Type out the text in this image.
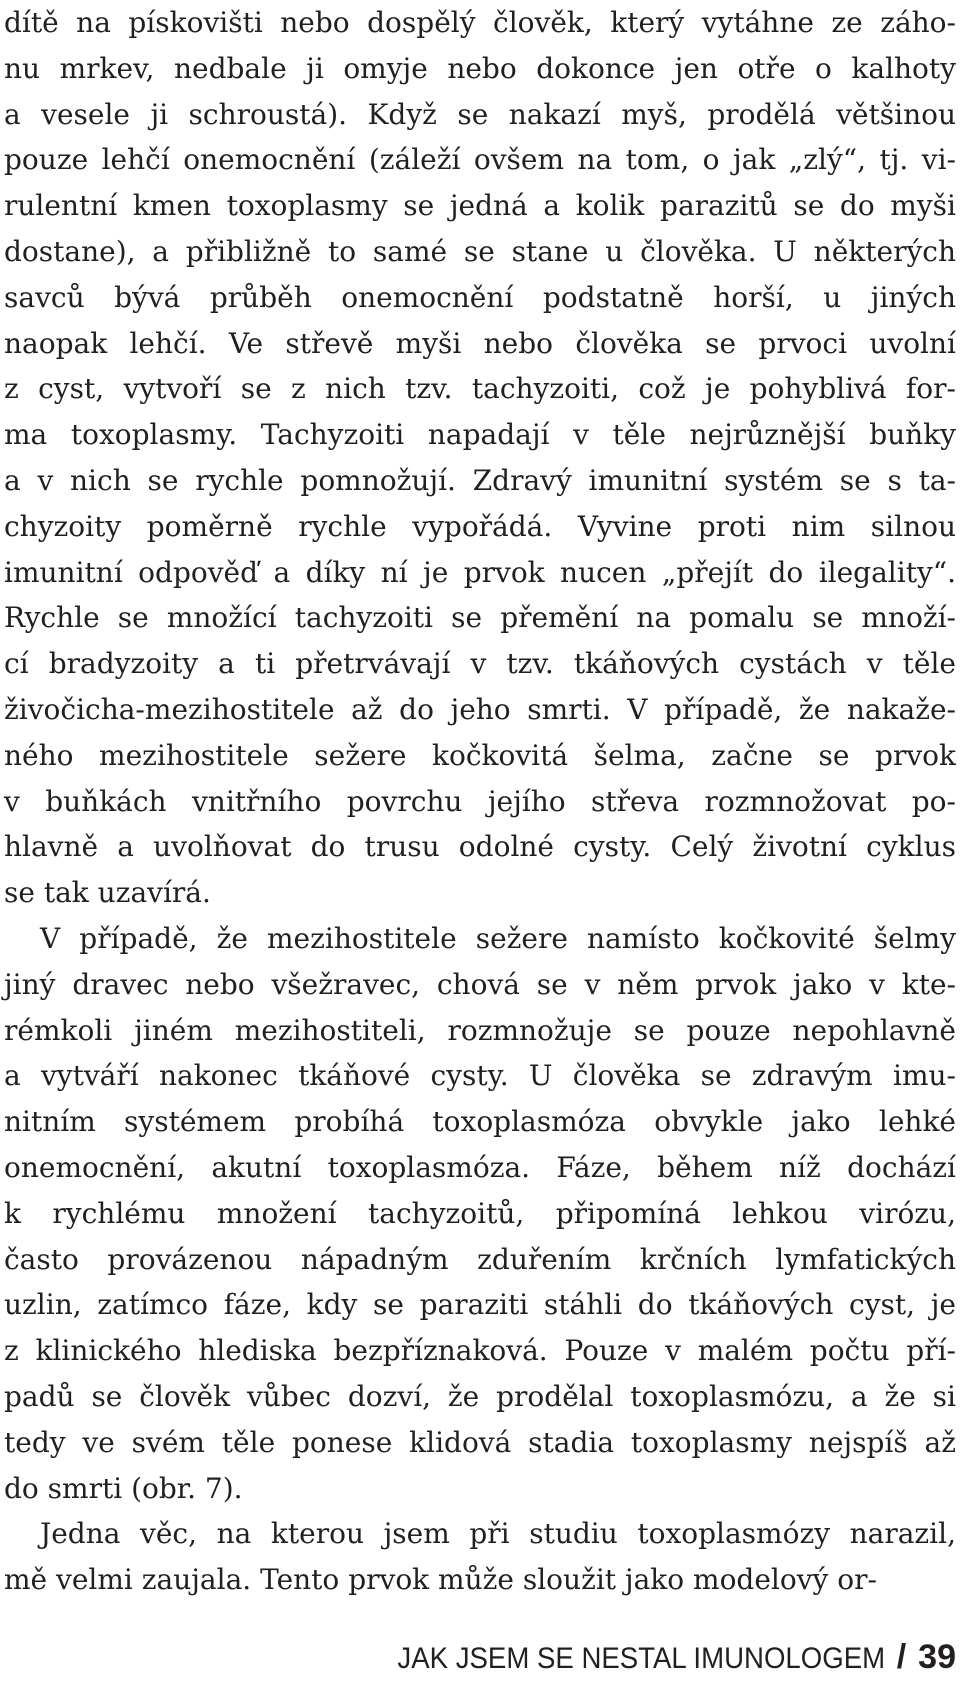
dítě na pískovišti nebo dospělý člověk, který vytáhne ze záho-
nu mrkev, nedbale ji omyje nebo dokonce jen otře o kalhoty
a vesele ji schroustá). Když se nakazí myš, prodělá většinou
pouze lehčí onemocnění (záleží ovšem na tom, o jak „zlý“, tj. vi-
rulentní kmen toxoplasmy se jedná a kolik parazitů se do myši
dostane), a přibližně to samé se stane u člověka. U některých
savců bývá průběh onemocnění podstatně horší, u jiných
naopak lehčí. Ve střevě myši nebo člověka se prvoci uvolní
z cyst, vytvoří se z nich tzv. tachyzoiti, což je pohyblivá for-
ma toxoplasmy. Tachyzoiti napadají v těle nejrůznější buňky
a v nich se rychle pomnožují. Zdravý imunitní systém se s ta-
chyzoity poměrně rychle vypořádá. Vyvine proti nim silnou
imunitní odpověď a díky ní je prvok nucen „přejít do ilegality“.
Rychle se množící tachyzoiti se přemění na pomalu se množí-
cí bradyzoity a ti přetrvávají v tzv. tkáňových cystách v těle
živočicha-mezihostitele až do jeho smrti. V případě, že nakaže-
ného mezihostitele sežere kočkovitá šelma, začne se prvok
v buňkách vnitřního povrchu jejího střeva rozmnožovat po-
hlavně a uvolňovat do trusu odolné cysty. Celý životní cyklus
se tak uzavírá.
V případě, že mezihostitele sežere namísto kočkovité šelmy
jiný dravec nebo všežravec, chová se v něm prvok jako v kte-
rémkoli jiném mezihostiteli, rozmnožuje se pouze nepohlavně
a vytváří nakonec tkáňové cysty. U člověka se zdravým imu-
nitním systémem probíhá toxoplasmóza obvykle jako lehké
onemocnění, akutní toxoplasmóza. Fáze, během níž dochází
k rychlému množení tachyzoitů, připomíná lehkou virózu,
často provázenou nápadným zduřením krčních lymfatických
uzlin, zatímco fáze, kdy se paraziti stáhli do tkáňových cyst, je
z klinického hlediska bezpříznaková. Pouze v malém počtu pří-
padů se člověk vůbec dozví, že prodělal toxoplasmózu, a že si
tedy ve svém těle ponese klidová stadia toxoplasmy nejspíš až
do smrti (obr. 7).
Jedna věc, na kterou jsem při studiu toxoplasmózy narazil,
mě velmi zaujala. Tento prvok může sloužit jako modelový or-
JAK JSEM SE NESTAL IMUNOLOGEM / 39
